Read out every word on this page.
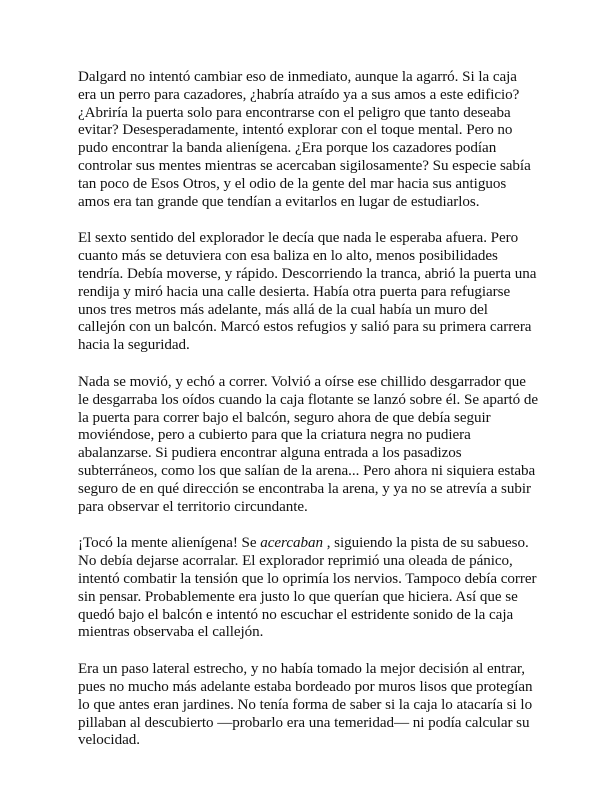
Dalgard no intentó cambiar eso de inmediato, aunque la agarró. Si la caja era un perro para cazadores, ¿habría atraído ya a sus amos a este edificio? ¿Abriría la puerta solo para encontrarse con el peligro que tanto deseaba evitar? Desesperadamente, intentó explorar con el toque mental. Pero no pudo encontrar la banda alienígena. ¿Era porque los cazadores podían controlar sus mentes mientras se acercaban sigilosamente? Su especie sabía tan poco de Esos Otros, y el odio de la gente del mar hacia sus antiguos amos era tan grande que tendían a evitarlos en lugar de estudiarlos.

El sexto sentido del explorador le decía que nada le esperaba afuera. Pero cuanto más se detuviera con esa baliza en lo alto, menos posibilidades tendría. Debía moverse, y rápido. Descorriendo la tranca, abrió la puerta una rendija y miró hacia una calle desierta. Había otra puerta para refugiarse unos tres metros más adelante, más allá de la cual había un muro del callejón con un balcón. Marcó estos refugios y salió para su primera carrera hacia la seguridad.

Nada se movió, y echó a correr. Volvió a oírse ese chillido desgarrador que le desgarraba los oídos cuando la caja flotante se lanzó sobre él. Se apartó de la puerta para correr bajo el balcón, seguro ahora de que debía seguir moviéndose, pero a cubierto para que la criatura negra no pudiera abalanzarse. Si pudiera encontrar alguna entrada a los pasadizos subterráneos, como los que salían de la arena... Pero ahora ni siquiera estaba seguro de en qué dirección se encontraba la arena, y ya no se atrevía a subir para observar el territorio circundante.

¡Tocó la mente alienígena! Se acercaban , siguiendo la pista de su sabueso. No debía dejarse acorralar. El explorador reprimió una oleada de pánico, intentó combatir la tensión que lo oprimía los nervios. Tampoco debía correr sin pensar. Probablemente era justo lo que querían que hiciera. Así que se quedó bajo el balcón e intentó no escuchar el estridente sonido de la caja mientras observaba el callejón.

Era un paso lateral estrecho, y no había tomado la mejor decisión al entrar, pues no mucho más adelante estaba bordeado por muros lisos que protegían lo que antes eran jardines. No tenía forma de saber si la caja lo atacaría si lo pillaban al descubierto —probarlo era una temeridad— ni podía calcular su velocidad.
